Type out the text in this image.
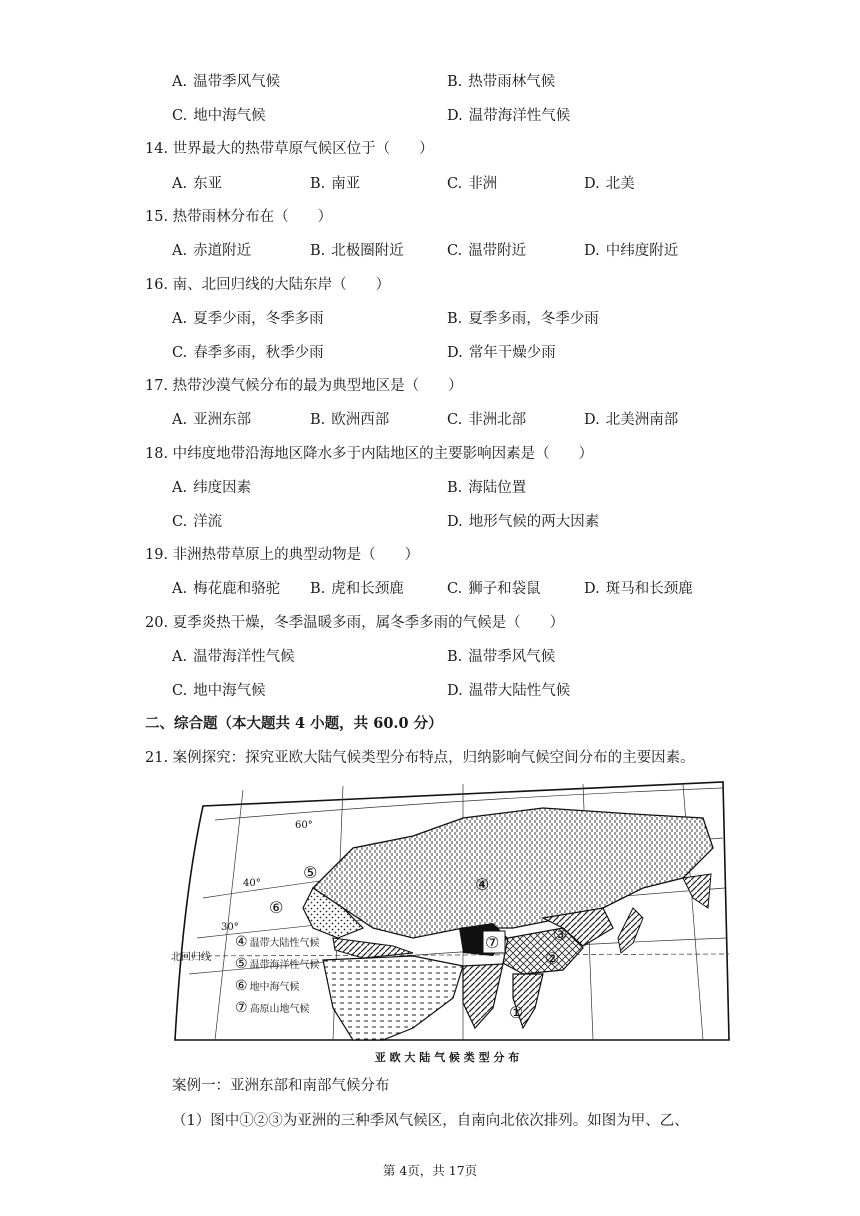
A. 温带季风气候	B. 热带雨林气候
C. 地中海气候	D. 温带海洋性气候
14. 世界最大的热带草原气候区位于（　　）
A. 东亚	B. 南亚	C. 非洲	D. 北美
15. 热带雨林分布在（　　）
A. 赤道附近	B. 北极圈附近	C. 温带附近	D. 中纬度附近
16. 南、北回归线的大陆东岸（　　）
A. 夏季少雨，冬季多雨	B. 夏季多雨，冬季少雨
C. 春季多雨，秋季少雨	D. 常年干燥少雨
17. 热带沙漠气候分布的最为典型地区是（　　）
A. 亚洲东部	B. 欧洲西部	C. 非洲北部	D. 北美洲南部
18. 中纬度地带沿海地区降水多于内陆地区的主要影响因素是（　　）
A. 纬度因素	B. 海陆位置
C. 洋流	D. 地形气候的两大因素
19. 非洲热带草原上的典型动物是（　　）
A. 梅花鹿和骆驼 B. 虎和长颈鹿	C. 狮子和袋鼠	D. 斑马和长颈鹿
20. 夏季炎热干燥，冬季温暖多雨，属冬季多雨的气候是（　　）
A. 温带海洋性气候	B. 温带季风气候
C. 地中海气候	D. 温带大陆性气候
二、综合题（本大题共 4 小题，共 60.0 分）
21. 案例探究：探究亚欧大陆气候类型分布特点，归纳影响气候空间分布的主要因素。
60°
40°
30°
北回归线
①
②
③
④
⑤
⑥
⑦
④ 温带大陆性气候
⑤ 温带海洋性气候
⑥ 地中海气候
⑦ 高原山地气候
亚 欧 大 陆 气 候 类 型 分 布
案例一：亚洲东部和南部气候分布
（1）图中①②③为亚洲的三种季风气候区，自南向北依次排列。如图为甲、乙、
第 4页，共 17页
